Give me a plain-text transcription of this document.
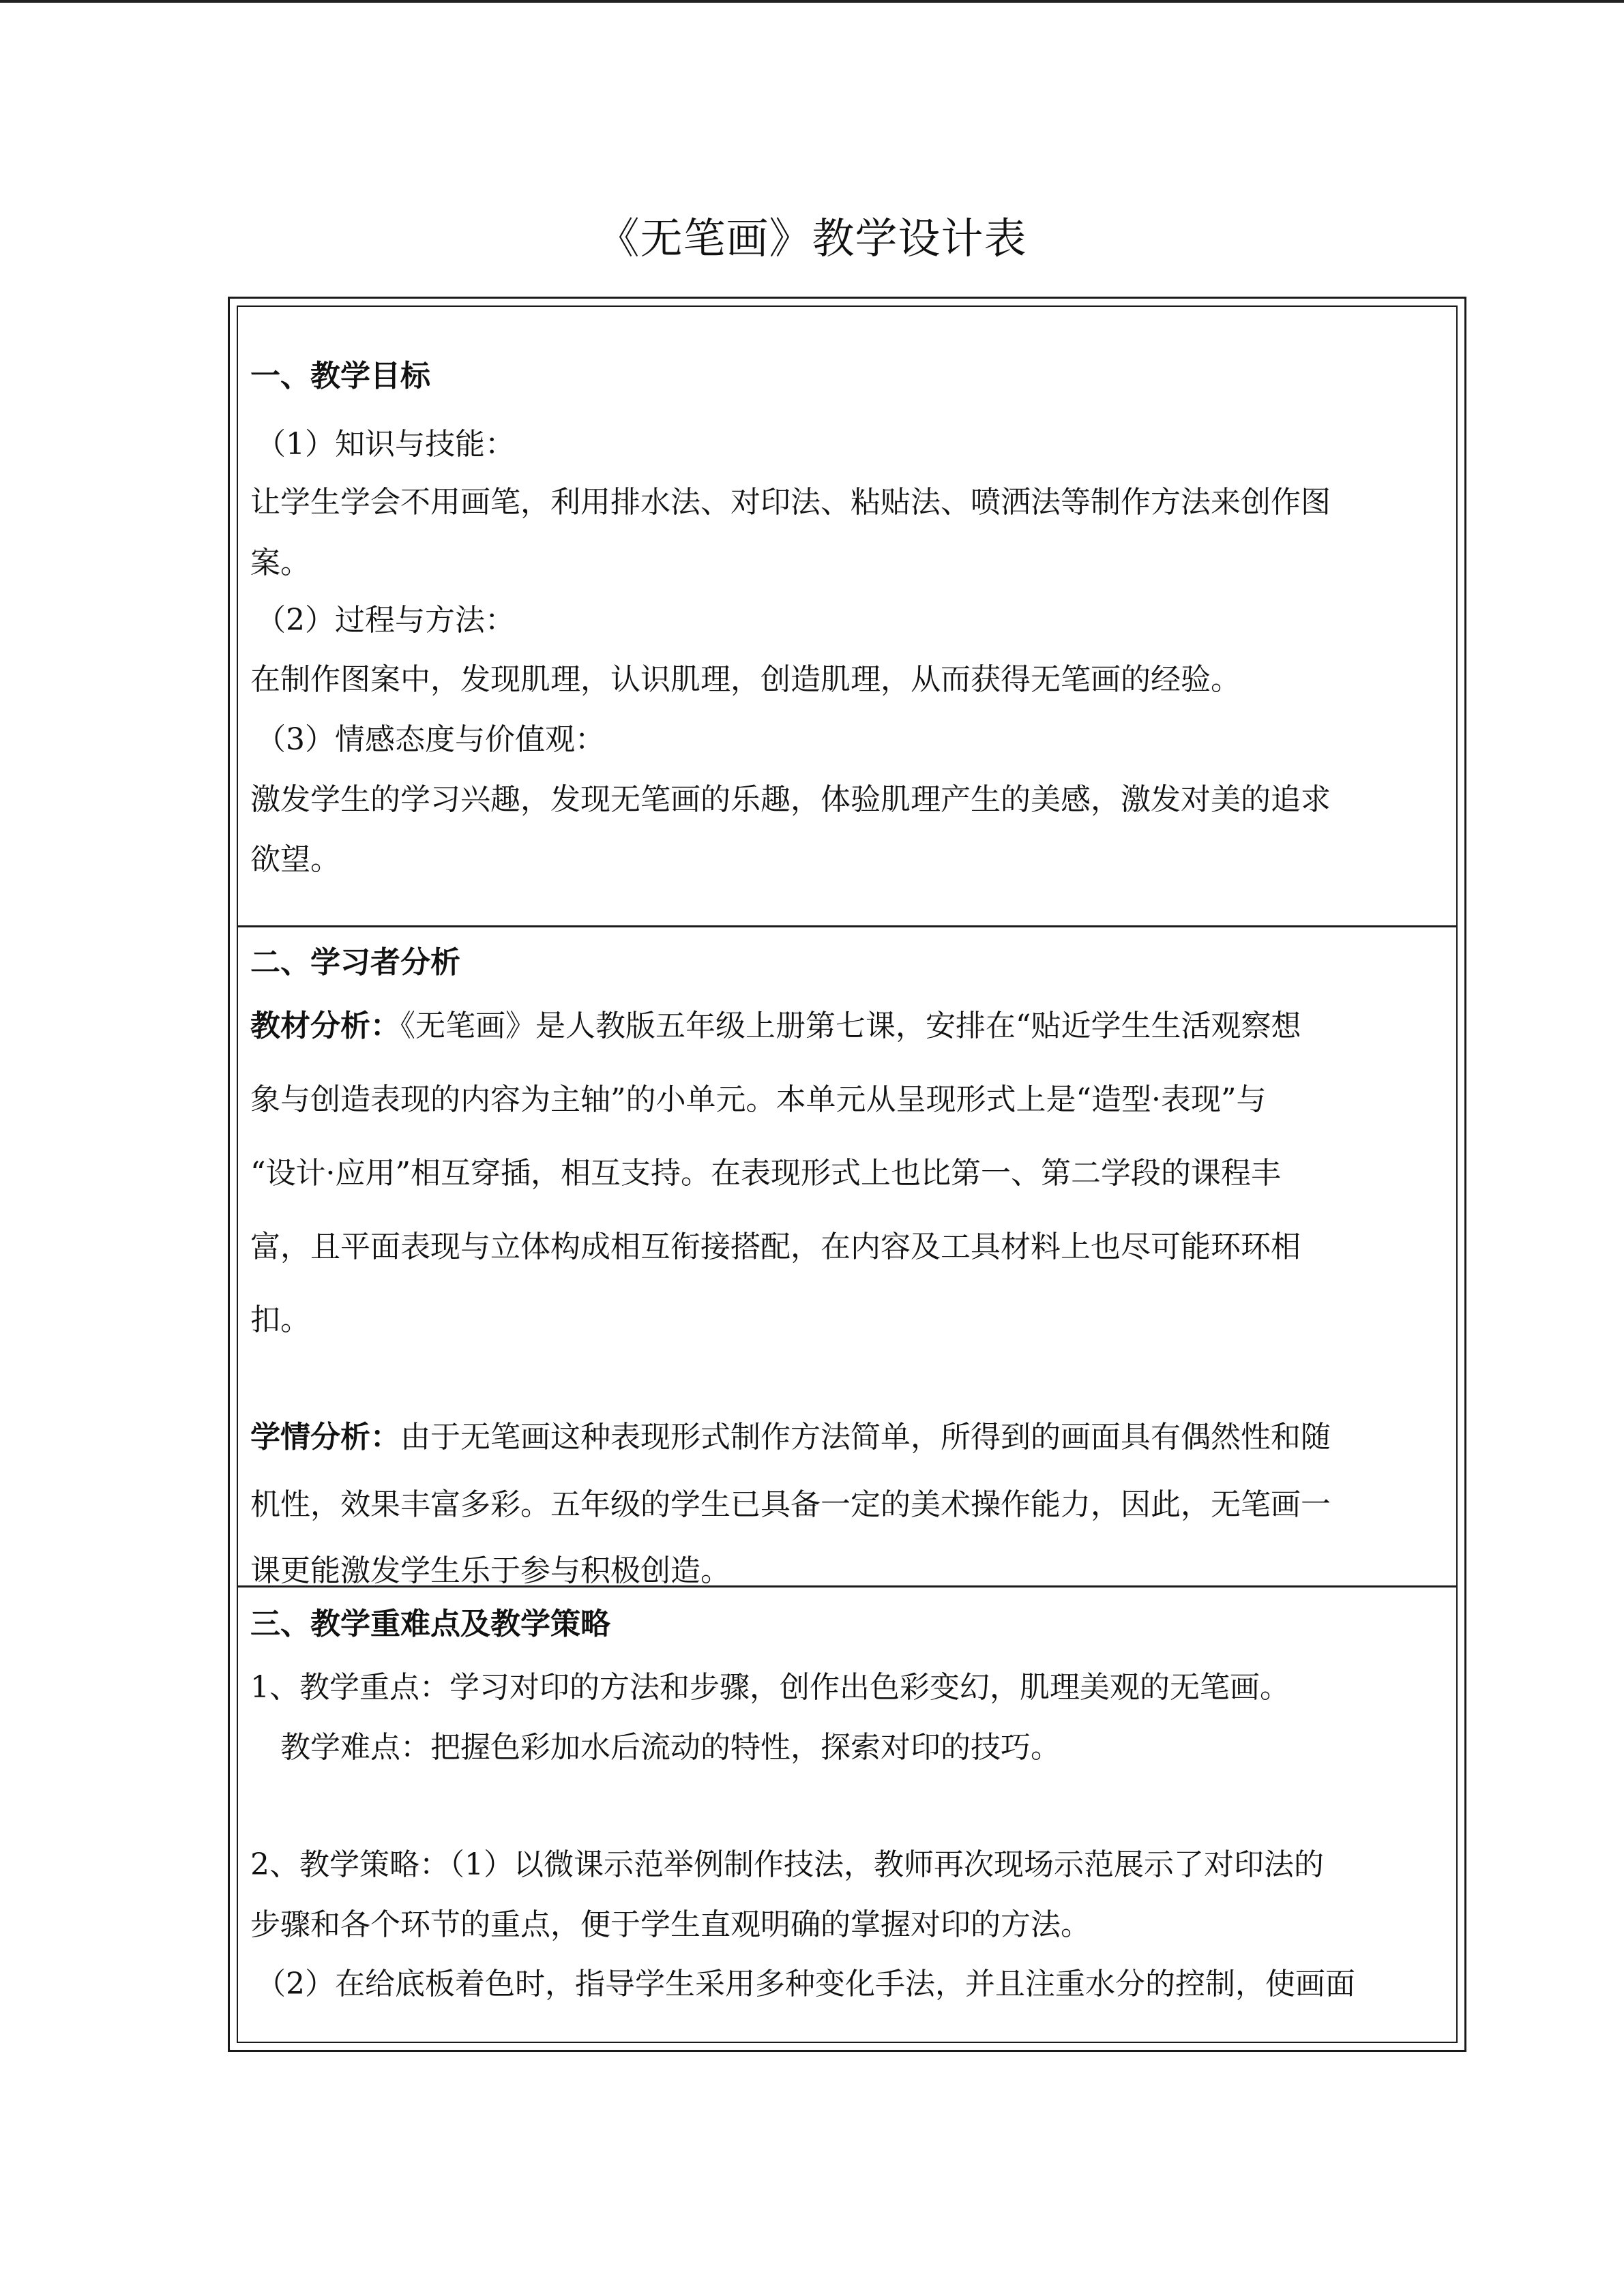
《无笔画》教学设计表
一、教学目标
（1）知识与技能：
让学生学会不用画笔，利用排水法、对印法、粘贴法、喷洒法等制作方法来创作图
案。
（2）过程与方法：
在制作图案中，发现肌理，认识肌理，创造肌理，从而获得无笔画的经验。
（3）情感态度与价值观：
激发学生的学习兴趣，发现无笔画的乐趣，体验肌理产生的美感，激发对美的追求
欲望。
二、学习者分析
教材分析：《无笔画》是人教版五年级上册第七课，安排在“贴近学生生活观察想
象与创造表现的内容为主轴”的小单元。本单元从呈现形式上是“造型·表现”与
“设计·应用”相互穿插，相互支持。在表现形式上也比第一、第二学段的课程丰
富，且平面表现与立体构成相互衔接搭配，在内容及工具材料上也尽可能环环相
扣。
学情分析：由于无笔画这种表现形式制作方法简单，所得到的画面具有偶然性和随
机性，效果丰富多彩。五年级的学生已具备一定的美术操作能力，因此，无笔画一
课更能激发学生乐于参与积极创造。
三、教学重难点及教学策略
1、教学重点：学习对印的方法和步骤，创作出色彩变幻，肌理美观的无笔画。
教学难点：把握色彩加水后流动的特性，探索对印的技巧。
2、教学策略：（1）以微课示范举例制作技法，教师再次现场示范展示了对印法的
步骤和各个环节的重点，便于学生直观明确的掌握对印的方法。
（2）在给底板着色时，指导学生采用多种变化手法，并且注重水分的控制，使画面
